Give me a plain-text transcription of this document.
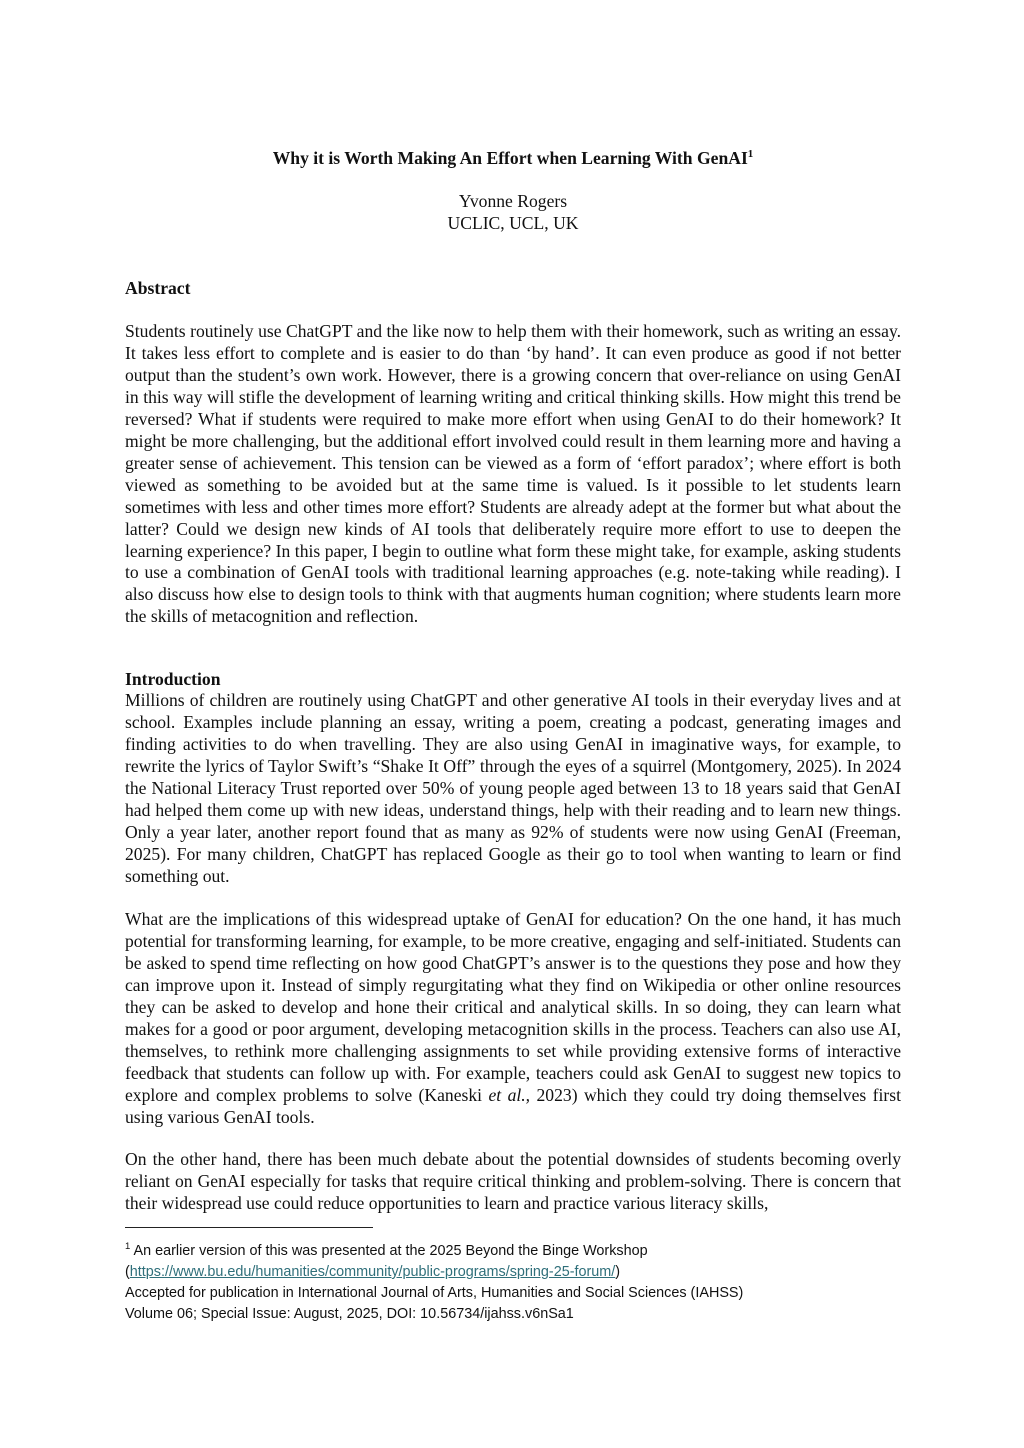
Why it is Worth Making An Effort when Learning With GenAI$^1$
Yvonne Rogers
UCLIC, UCL, UK
Abstract

Students routinely use ChatGPT and the like now to help them with their homework, such as writing an essay. It takes less effort to complete and is easier to do than ‘by hand’. It can even produce as good if not better output than the student’s own work. However, there is a growing concern that over-reliance on using GenAI in this way will stifle the development of learning writing and critical thinking skills. How might this trend be reversed? What if students were required to make more effort when using GenAI to do their homework? It might be more challenging, but the additional effort involved could result in them learning more and having a greater sense of achievement. This tension can be viewed as a form of ‘effort paradox’; where effort is both viewed as something to be avoided but at the same time is valued. Is it possible to let students learn sometimes with less and other times more effort? Students are already adept at the former but what about the latter? Could we design new kinds of AI tools that deliberately require more effort to use to deepen the learning experience? In this paper, I begin to outline what form these might take, for example, asking students to use a combination of GenAI tools with traditional learning approaches (e.g. note-taking while reading). I also discuss how else to design tools to think with that augments human cognition; where students learn more the skills of metacognition and reflection.

Introduction

Millions of children are routinely using ChatGPT and other generative AI tools in their everyday lives and at school. Examples include planning an essay, writing a poem, creating a podcast, generating images and finding activities to do when travelling. They are also using GenAI in imaginative ways, for example, to rewrite the lyrics of Taylor Swift’s “Shake It Off” through the eyes of a squirrel (Montgomery, 2025). In 2024 the National Literacy Trust reported over 50% of young people aged between 13 to 18 years said that GenAI had helped them come up with new ideas, understand things, help with their reading and to learn new things. Only a year later, another report found that as many as 92% of students were now using GenAI (Freeman, 2025). For many children, ChatGPT has replaced Google as their go to tool when wanting to learn or find something out.

What are the implications of this widespread uptake of GenAI for education? On the one hand, it has much potential for transforming learning, for example, to be more creative, engaging and self-initiated. Students can be asked to spend time reflecting on how good ChatGPT’s answer is to the questions they pose and how they can improve upon it. Instead of simply regurgitating what they find on Wikipedia or other online resources they can be asked to develop and hone their critical and analytical skills. In so doing, they can learn what makes for a good or poor argument, developing metacognition skills in the process. Teachers can also use AI, themselves, to rethink more challenging assignments to set while providing extensive forms of interactive feedback that students can follow up with. For example, teachers could ask GenAI to suggest new topics to explore and complex problems to solve (Kaneski et al., 2023) which they could try doing themselves first using various GenAI tools.

On the other hand, there has been much debate about the potential downsides of students becoming overly reliant on GenAI especially for tasks that require critical thinking and problem-solving. There is concern that their widespread use could reduce opportunities to learn and practice various literacy skills,

$^1$ An earlier version of this was presented at the 2025 Beyond the Binge Workshop
(https://www.bu.edu/humanities/community/public-programs/spring-25-forum/)
Accepted for publication in International Journal of Arts, Humanities and Social Sciences (IAHSS)
Volume 06; Special Issue: August, 2025, DOI: 10.56734/ijahss.v6nSa1
